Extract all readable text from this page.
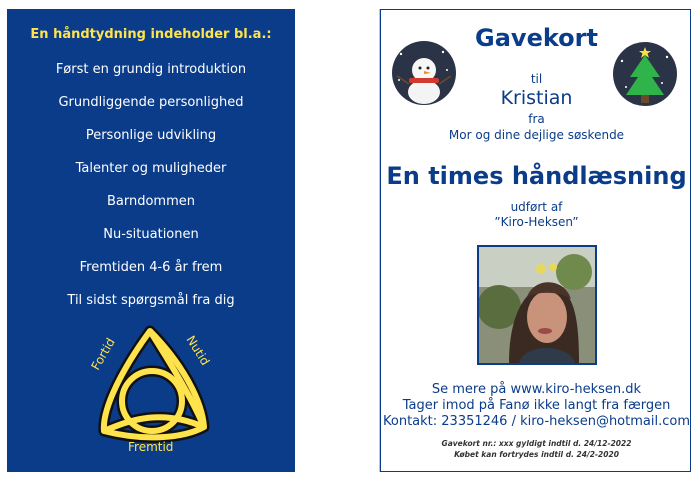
En håndtydning indeholder bl.a.:
Først en grundig introduktion
Grundliggende personlighed
Personlige udvikling
Talenter og muligheder
Barndommen
Nu-situationen
Fremtiden 4-6 år frem
Til sidst spørgsmål fra dig
Fortid	Nutid
Fremtid
Gavekort
til
Kristian
fra
Mor og dine dejlige søskende
En times håndlæsning
udført af
”Kiro-Heksen”
Se mere på www.kiro-heksen.dk
Tager imod på Fanø ikke langt fra færgen
Kontakt: 23351246 / kiro-heksen@hotmail.com
Gavekort nr.: xxx gyldigt indtil d. 24/12-2022
Købet kan fortrydes indtil d. 24/2-2020
